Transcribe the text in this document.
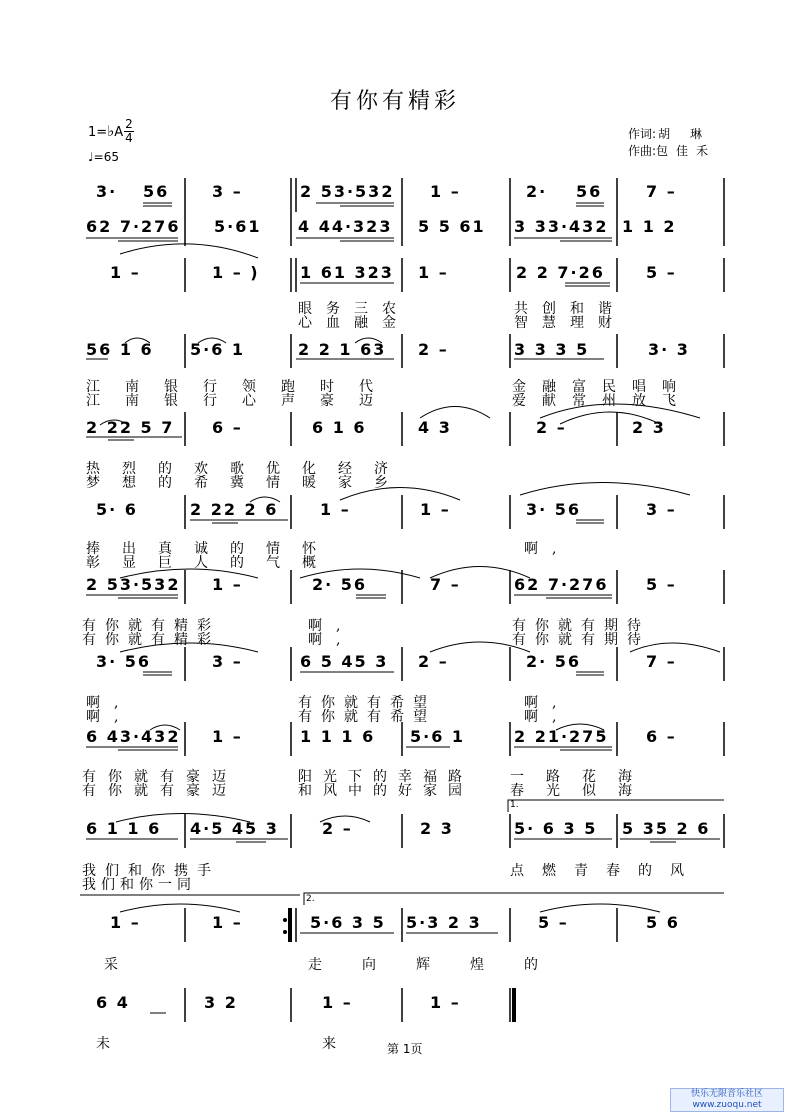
有你有精彩
1=♭A
2
4
♩=65
作词: 胡 琳
作曲:包佳禾
3· 56	3 –	2 53·532 1 –	2· 56	7 –
62 7·276 5·61 4 44·323 5 5 61 3 33·432 1 1 2
1 –	1 – )	1 61 323 1 –	2 2 7·26	5 –
眼务三农
心血融金
共创和谐
智慧理财
56 1 6 5·6 1	2 2 1 63 2 –	3 3 3 5	3· 3
江南银行领跑时代
江南银行心声豪迈
金融富民唱响
爱献常州放飞
2 22 5 7 6 –	6 1 6	4 3	2 –	2 3
热烈的欢歌优化经济
梦想的希冀情暖家乡
5· 6	2 22 2 6	1 –	1 –	3· 56	3 –
捧出真诚的情怀
彰显巨人的气概
啊,
2 53·532 1 –	2· 56	7 –	62 7·276 5 –
有你就有精彩
有你就有精彩
啊,
啊,
有你就有期待
有你就有期待
3· 56	3 –	6 5 45 3 2 –	2· 56	7 –
啊,
啊,
有你就有希望
有你就有希望
啊,
啊,
6 43·432 1 –	1 1 1 6 5·6 1	2 21·275 6 –
有你就有豪迈
有你就有豪迈
阳光下的幸福路
和风中的好家园
一路花海
春光似海
1.
2.
6 1 1 6 4·5 45 3	2 –	2 3	5· 6 3 5 5 35 2 6
我们和你携手
我们和你一同
点燃青春的风
1 –	1 –	5·6 3 5 5·3 2 3	5 –	5 6
采	走向辉煌的
6 4	3 2	1 –	1 –
未	来	第 1页
快乐无限音乐社区
www.zuoqu.net
